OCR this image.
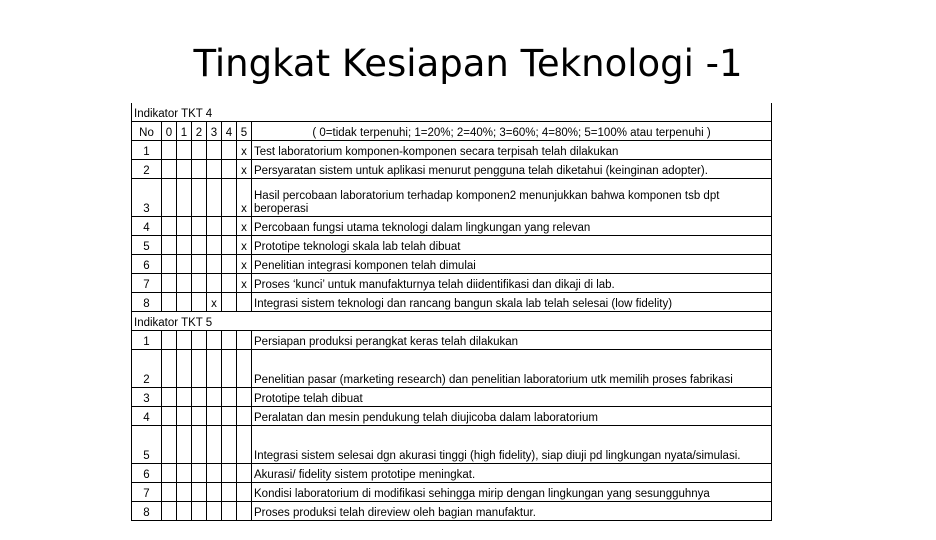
Tingkat Kesiapan Teknologi -1
Indikator TKT 4							
No	0	1	2	3	4	5	( 0=tidak terpenuhi; 1=20%; 2=40%; 3=60%; 4=80%; 5=100% atau terpenuhi )
1						x	Test laboratorium komponen-komponen secara terpisah telah dilakukan
2						x	Persyaratan sistem untuk aplikasi menurut pengguna telah diketahui (keinginan adopter).
3						x	Hasil percobaan laboratorium terhadap komponen2 menunjukkan bahwa komponen tsb dpt beroperasi
4						x	Percobaan fungsi utama teknologi dalam lingkungan yang relevan
5						x	Prototipe teknologi skala lab telah dibuat
6						x	Penelitian integrasi komponen telah dimulai
7						x	Proses ‘kunci’ untuk manufakturnya telah diidentifikasi dan dikaji di lab.
8				x			Integrasi sistem teknologi dan rancang bangun skala lab telah selesai (low fidelity)
Indikator TKT 5							
1							Persiapan produksi perangkat keras telah dilakukan
2							Penelitian pasar (marketing research) dan penelitian laboratorium utk memilih proses fabrikasi
3							Prototipe telah dibuat
4							Peralatan dan mesin pendukung telah diujicoba dalam laboratorium
5							Integrasi sistem selesai dgn akurasi tinggi (high fidelity), siap diuji pd lingkungan nyata/simulasi.
6							Akurasi/ fidelity sistem prototipe meningkat.
7							Kondisi laboratorium di modifikasi sehingga mirip dengan lingkungan yang sesungguhnya
8							Proses produksi telah direview oleh bagian manufaktur.
